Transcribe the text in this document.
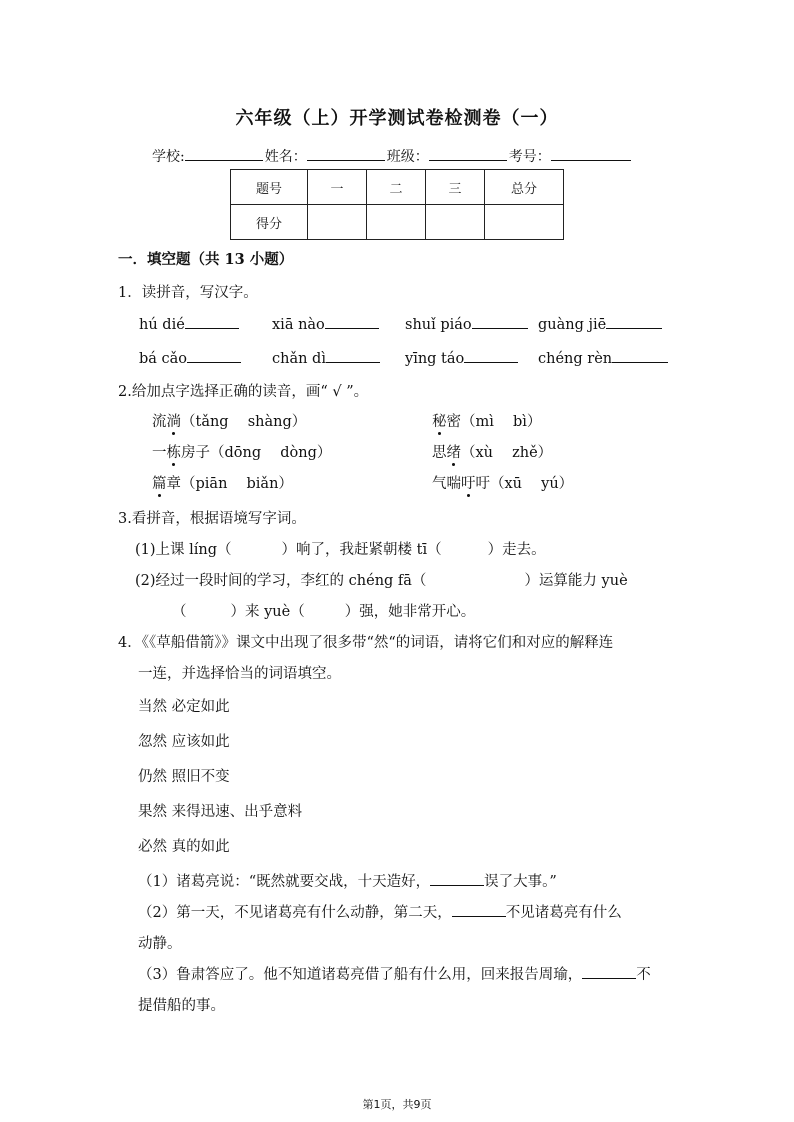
六年级（上）开学测试卷检测卷（一）
学校:	姓名：	班级：	考号：
题号	一	二	三	总分
得分				
一．填空题（共 13 小题）
1．读拼音，写汉字。
hú dié	xiā nào	shuǐ piáo	guàng jiē
bá cǎo	chǎn dì	yīng táo	chéng rèn
2.给加点字选择正确的读音，画“ √ ”。
流淌（tǎng　 shàng）	秘密（mì　 bì）
一栋房子（dōng　 dòng）	思绪（xù　 zhě）
篇章（piān　 biǎn）	气喘吁吁（xū　 yú）
3.看拼音，根据语境写字词。
(1)上课 líng（	）响了，我赶紧朝楼 tī（	）走去。
(2)经过一段时间的学习，李红的 chéng fā（	）运算能力 yuè
（	）来 yuè（	）强，她非常开心。
4．《《草船借箭》》课文中出现了很多带“然“的词语，请将它们和对应的解释连
一连，并选择恰当的词语填空。
当然 必定如此
忽然 应该如此
仍然 照旧不变
果然 来得迅速、出乎意料
必然 真的如此
（1）诸葛亮说：“既然就要交战，十天造好，	误了大事。”
（2）第一天，不见诸葛亮有什么动静，第二天，	不见诸葛亮有什么
动静。
（3）鲁肃答应了。他不知道诸葛亮借了船有什么用，回来报告周瑜，	不
提借船的事。
第1页，共9页
